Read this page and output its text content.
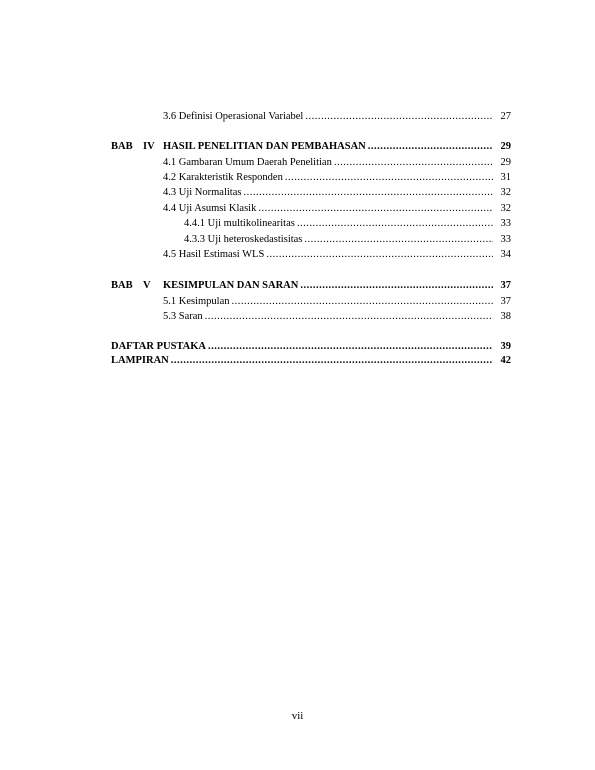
3.6 Definisi Operasional Variabel .....	27
BAB IV HASIL PENELITIAN DAN PEMBAHASAN .....	29
4.1 Gambaran Umum Daerah Penelitian .....	29
4.2 Karakteristik Responden .....	31
4.3 Uji Normalitas .....	32
4.4 Uji Asumsi Klasik .....	32
4.4.1 Uji multikolinearitas .....	33
4.3.3 Uji heteroskedastisitas .....	33
4.5 Hasil Estimasi WLS .....	34
BAB V KESIMPULAN DAN SARAN .....	37
5.1 Kesimpulan .....	37
5.3 Saran .....	38
DAFTAR PUSTAKA .....	39
LAMPIRAN .....	42
vii
